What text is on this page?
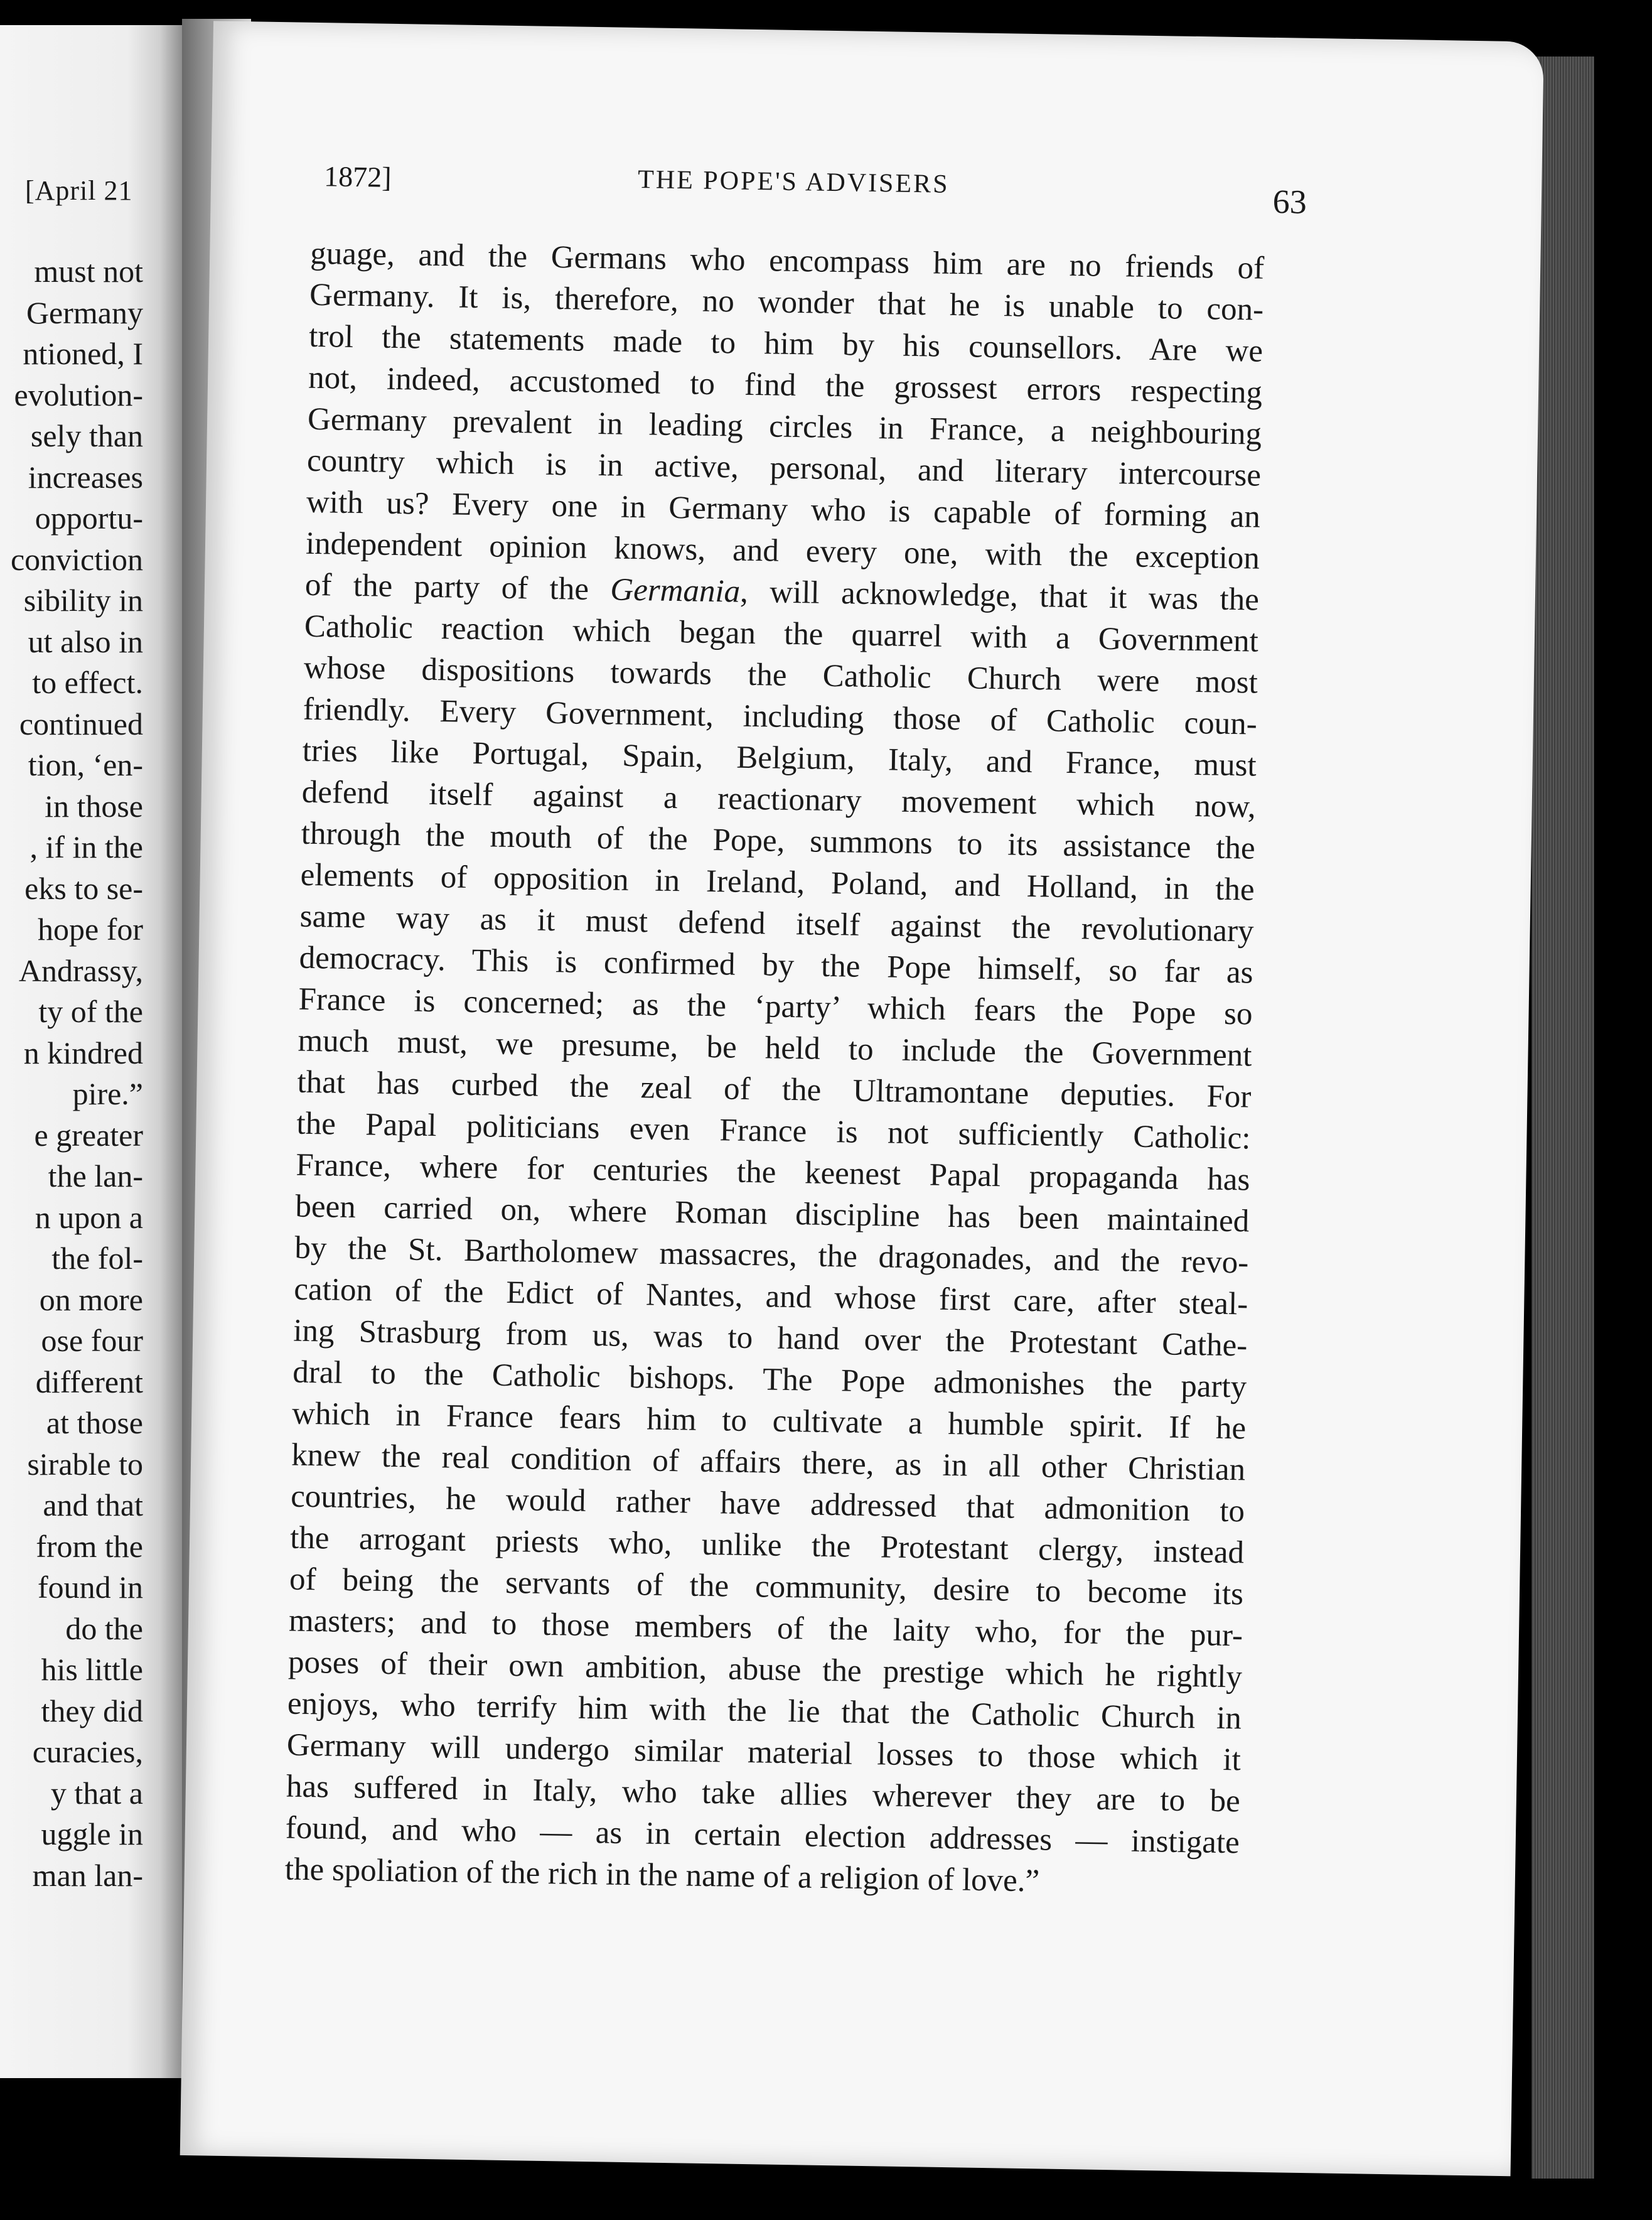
[April 21
must not
Germany
ntioned, I
evolution-
sely than
increases
opportu-
conviction
sibility in
ut also in
to effect.
continued
tion, ‘en-
in those
, if in the
eks to se-
hope for
Andrassy,
ty of the
n kindred
pire.”
e greater
the lan-
n upon a
the fol-
on more
ose four
different
at those
sirable to
and that
from the
found in
do the
his little
they did
curacies,
y that a
uggle in
man lan-
1872]	THE POPE'S ADVISERS
63
guage, and the Germans who encompass him are no friends of
Germany. It is, therefore, no wonder that he is unable to con-
trol the statements made to him by his counsellors. Are we
not, indeed, accustomed to find the grossest errors respecting
Germany prevalent in leading circles in France, a neighbouring
country which is in active, personal, and literary intercourse
with us? Every one in Germany who is capable of forming an
independent opinion knows, and every one, with the exception
of the party of the Germania, will acknowledge, that it was the
Catholic reaction which began the quarrel with a Government
whose dispositions towards the Catholic Church were most
friendly. Every Government, including those of Catholic coun-
tries like Portugal, Spain, Belgium, Italy, and France, must
defend itself against a reactionary movement which now,
through the mouth of the Pope, summons to its assistance the
elements of opposition in Ireland, Poland, and Holland, in the
same way as it must defend itself against the revolutionary
democracy. This is confirmed by the Pope himself, so far as
France is concerned; as the ‘party’ which fears the Pope so
much must, we presume, be held to include the Government
that has curbed the zeal of the Ultramontane deputies. For
the Papal politicians even France is not sufficiently Catholic:
France, where for centuries the keenest Papal propaganda has
been carried on, where Roman discipline has been maintained
by the St. Bartholomew massacres, the dragonades, and the revo-
cation of the Edict of Nantes, and whose first care, after steal-
ing Strasburg from us, was to hand over the Protestant Cathe-
dral to the Catholic bishops. The Pope admonishes the party
which in France fears him to cultivate a humble spirit. If he
knew the real condition of affairs there, as in all other Christian
countries, he would rather have addressed that admonition to
the arrogant priests who, unlike the Protestant clergy, instead
of being the servants of the community, desire to become its
masters; and to those members of the laity who, for the pur-
poses of their own ambition, abuse the prestige which he rightly
enjoys, who terrify him with the lie that the Catholic Church in
Germany will undergo similar material losses to those which it
has suffered in Italy, who take allies wherever they are to be
found, and who — as in certain election addresses — instigate
the spoliation of the rich in the name of a religion of love.”
